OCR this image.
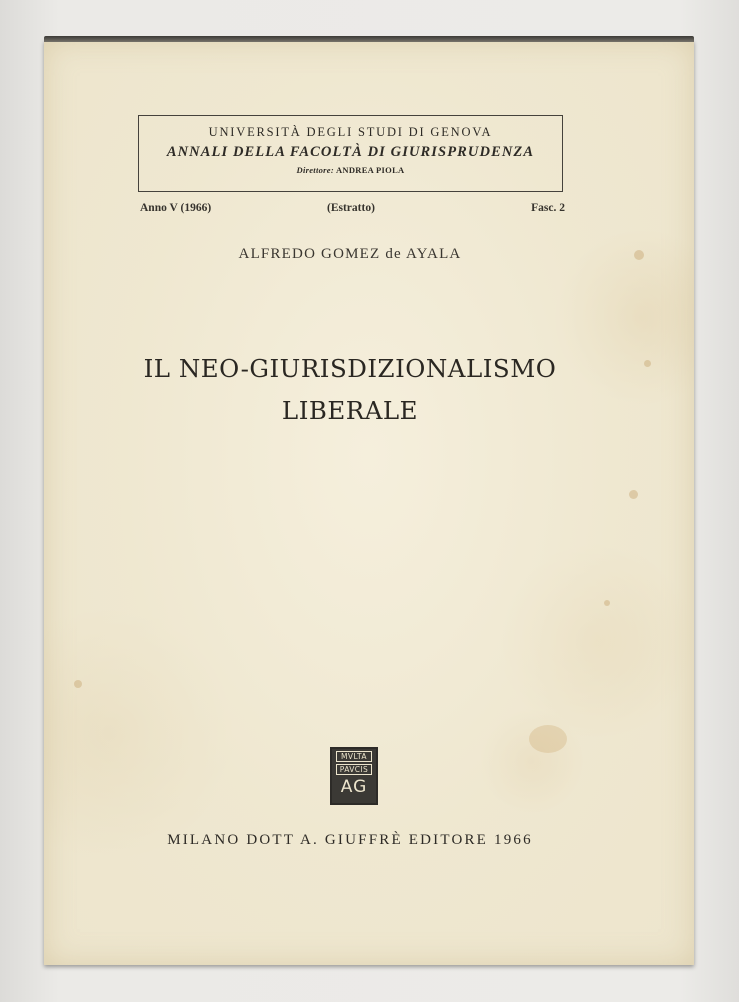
UNIVERSITÀ DEGLI STUDI DI GENOVA
ANNALI DELLA FACOLTÀ DI GIURISPRUDENZA
Direttore: ANDREA PIOLA
Anno V (1966)	(Estratto)	Fasc. 2
ALFREDO GOMEZ de AYALA
IL NEO-GIURISDIZIONALISMO
LIBERALE
MVLTA
PAVCIS
AG
MILANO DOTT A. GIUFFRÈ EDITORE 1966
